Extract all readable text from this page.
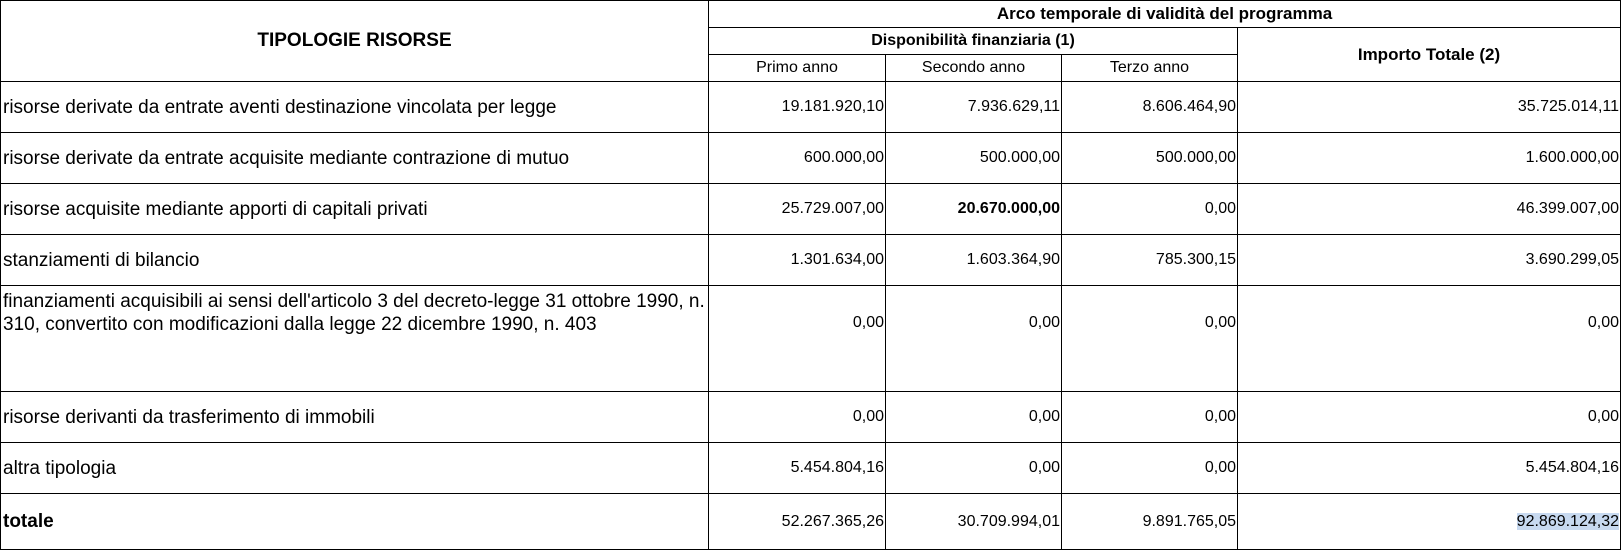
TIPOLOGIE RISORSE	Arco temporale di validità del programma			
	Disponibilità finanziaria (1)			Importo Totale (2)
	Primo anno	Secondo anno	Terzo anno	
risorse derivate da entrate aventi destinazione vincolata per legge	19.181.920,10	7.936.629,11	8.606.464,90	35.725.014,11
risorse derivate da entrate acquisite mediante contrazione di mutuo	600.000,00	500.000,00	500.000,00	1.600.000,00
risorse acquisite mediante apporti di capitali privati	25.729.007,00	20.670.000,00	0,00	46.399.007,00
stanziamenti di bilancio	1.301.634,00	1.603.364,90	785.300,15	3.690.299,05
finanziamenti acquisibili ai sensi dell'articolo 3 del decreto-legge 31 ottobre 1990, n. 310, convertito con modificazioni dalla legge 22 dicembre 1990, n. 403	0,00	0,00	0,00	0,00
risorse derivanti da trasferimento di immobili	0,00	0,00	0,00	0,00
altra tipologia	5.454.804,16	0,00	0,00	5.454.804,16
totale	52.267.365,26	30.709.994,01	9.891.765,05	92.869.124,32
